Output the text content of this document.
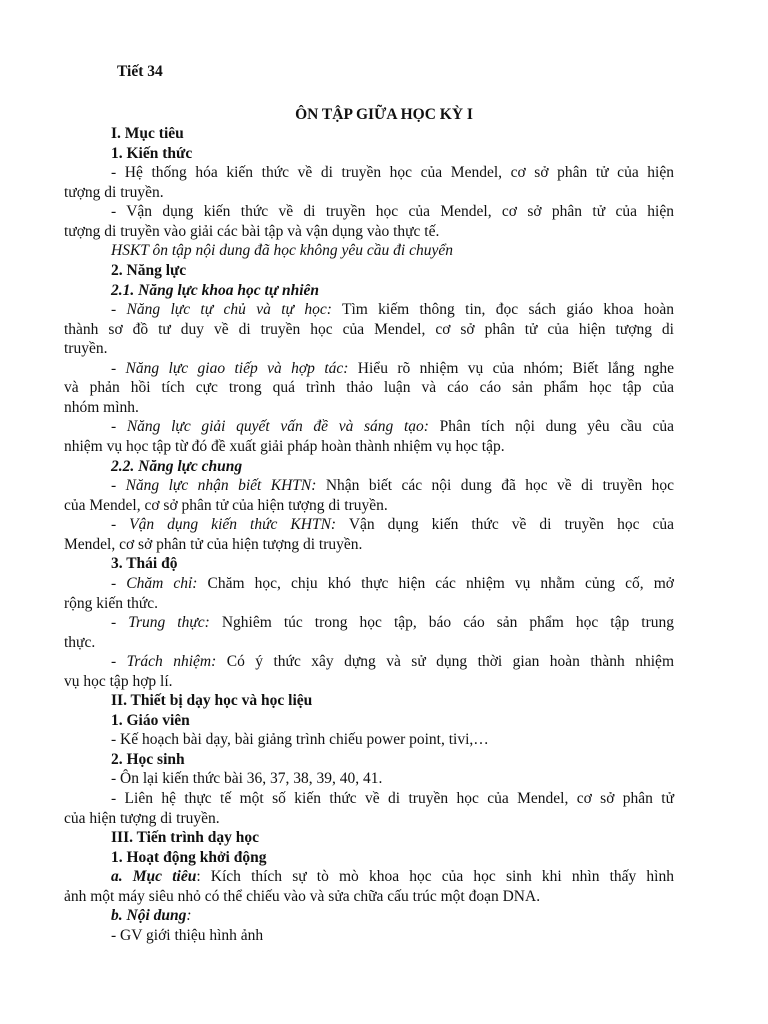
Tiết 34
ÔN TẬP GIỮA HỌC KỲ I
I. Mục tiêu
1. Kiến thức
- Hệ thống hóa kiến thức về di truyền học của Mendel, cơ sở phân tử của hiện
tượng di truyền.
- Vận dụng kiến thức về di truyền học của Mendel, cơ sở phân tử của hiện
tượng di truyền vào giải các bài tập và vận dụng vào thực tế.
HSKT ôn tập nội dung đã học không yêu cầu đi chuyển
2. Năng lực
2.1. Năng lực khoa học tự nhiên
- Năng lực tự chủ và tự học: Tìm kiếm thông tin, đọc sách giáo khoa hoàn
thành sơ đồ tư duy về di truyền học của Mendel, cơ sở phân tử của hiện tượng di
truyền.
- Năng lực giao tiếp và hợp tác: Hiểu rõ nhiệm vụ của nhóm; Biết lắng nghe
và phản hồi tích cực trong quá trình thảo luận và cáo cáo sản phẩm học tập của
nhóm mình.
- Năng lực giải quyết vấn đề và sáng tạo: Phân tích nội dung yêu cầu của
nhiệm vụ học tập từ đó đề xuất giải pháp hoàn thành nhiệm vụ học tập.
2.2. Năng lực chung
- Năng lực nhận biết KHTN: Nhận biết các nội dung đã học về di truyền học
của Mendel, cơ sở phân tử của hiện tượng di truyền.
- Vận dụng kiến thức KHTN: Vận dụng kiến thức về di truyền học của
Mendel, cơ sở phân tử của hiện tượng di truyền.
3. Thái độ
- Chăm chỉ: Chăm học, chịu khó thực hiện các nhiệm vụ nhằm củng cố, mở
rộng kiến thức.
- Trung thực: Nghiêm túc trong học tập, báo cáo sản phẩm học tập trung
thực.
- Trách nhiệm: Có ý thức xây dựng và sử dụng thời gian hoàn thành nhiệm
vụ học tập hợp lí.
II. Thiết bị dạy học và học liệu
1. Giáo viên
- Kế hoạch bài dạy, bài giảng trình chiếu power point, tivi,…
2. Học sinh
- Ôn lại kiến thức bài 36, 37, 38, 39, 40, 41.
- Liên hệ thực tế một số kiến thức về di truyền học của Mendel, cơ sở phân tử
của hiện tượng di truyền.
III. Tiến trình dạy học
1. Hoạt động khởi động
a. Mục tiêu: Kích thích sự tò mò khoa học của học sinh khi nhìn thấy hình
ảnh một máy siêu nhỏ có thể chiếu vào và sửa chữa cấu trúc một đoạn DNA.
b. Nội dung:
- GV giới thiệu hình ảnh
